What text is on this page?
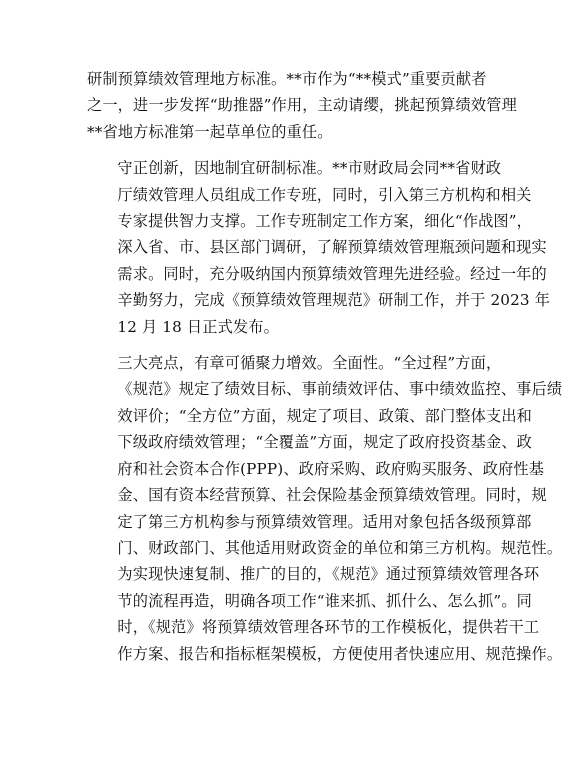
研制预算绩效管理地方标准。**市作为“**模式”重要贡献者
之一，进一步发挥“助推器”作用，主动请缨，挑起预算绩效管理
**省地方标准第一起草单位的重任。
守正创新，因地制宜研制标准。**市财政局会同**省财政
厅绩效管理人员组成工作专班，同时，引入第三方机构和相关
专家提供智力支撑。工作专班制定工作方案，细化“作战图”，
深入省、市、县区部门调研，了解预算绩效管理瓶颈问题和现实
需求。同时，充分吸纳国内预算绩效管理先进经验。经过一年的
辛勤努力，完成《预算绩效管理规范》研制工作，并于 2023 年
12 月 18 日正式发布。
三大亮点，有章可循聚力增效。全面性。“全过程”方面，
《规范》规定了绩效目标、事前绩效评估、事中绩效监控、事后绩
效评价；“全方位”方面，规定了项目、政策、部门整体支出和
下级政府绩效管理；“全覆盖”方面，规定了政府投资基金、政
府和社会资本合作(PPP)、政府采购、政府购买服务、政府性基
金、国有资本经营预算、社会保险基金预算绩效管理。同时，规
定了第三方机构参与预算绩效管理。适用对象包括各级预算部
门、财政部门、其他适用财政资金的单位和第三方机构。规范性。
为实现快速复制、推广的目的，《规范》通过预算绩效管理各环
节的流程再造，明确各项工作“谁来抓、抓什么、怎么抓”。同
时，《规范》将预算绩效管理各环节的工作模板化，提供若干工
作方案、报告和指标框架模板，方便使用者快速应用、规范操作。
